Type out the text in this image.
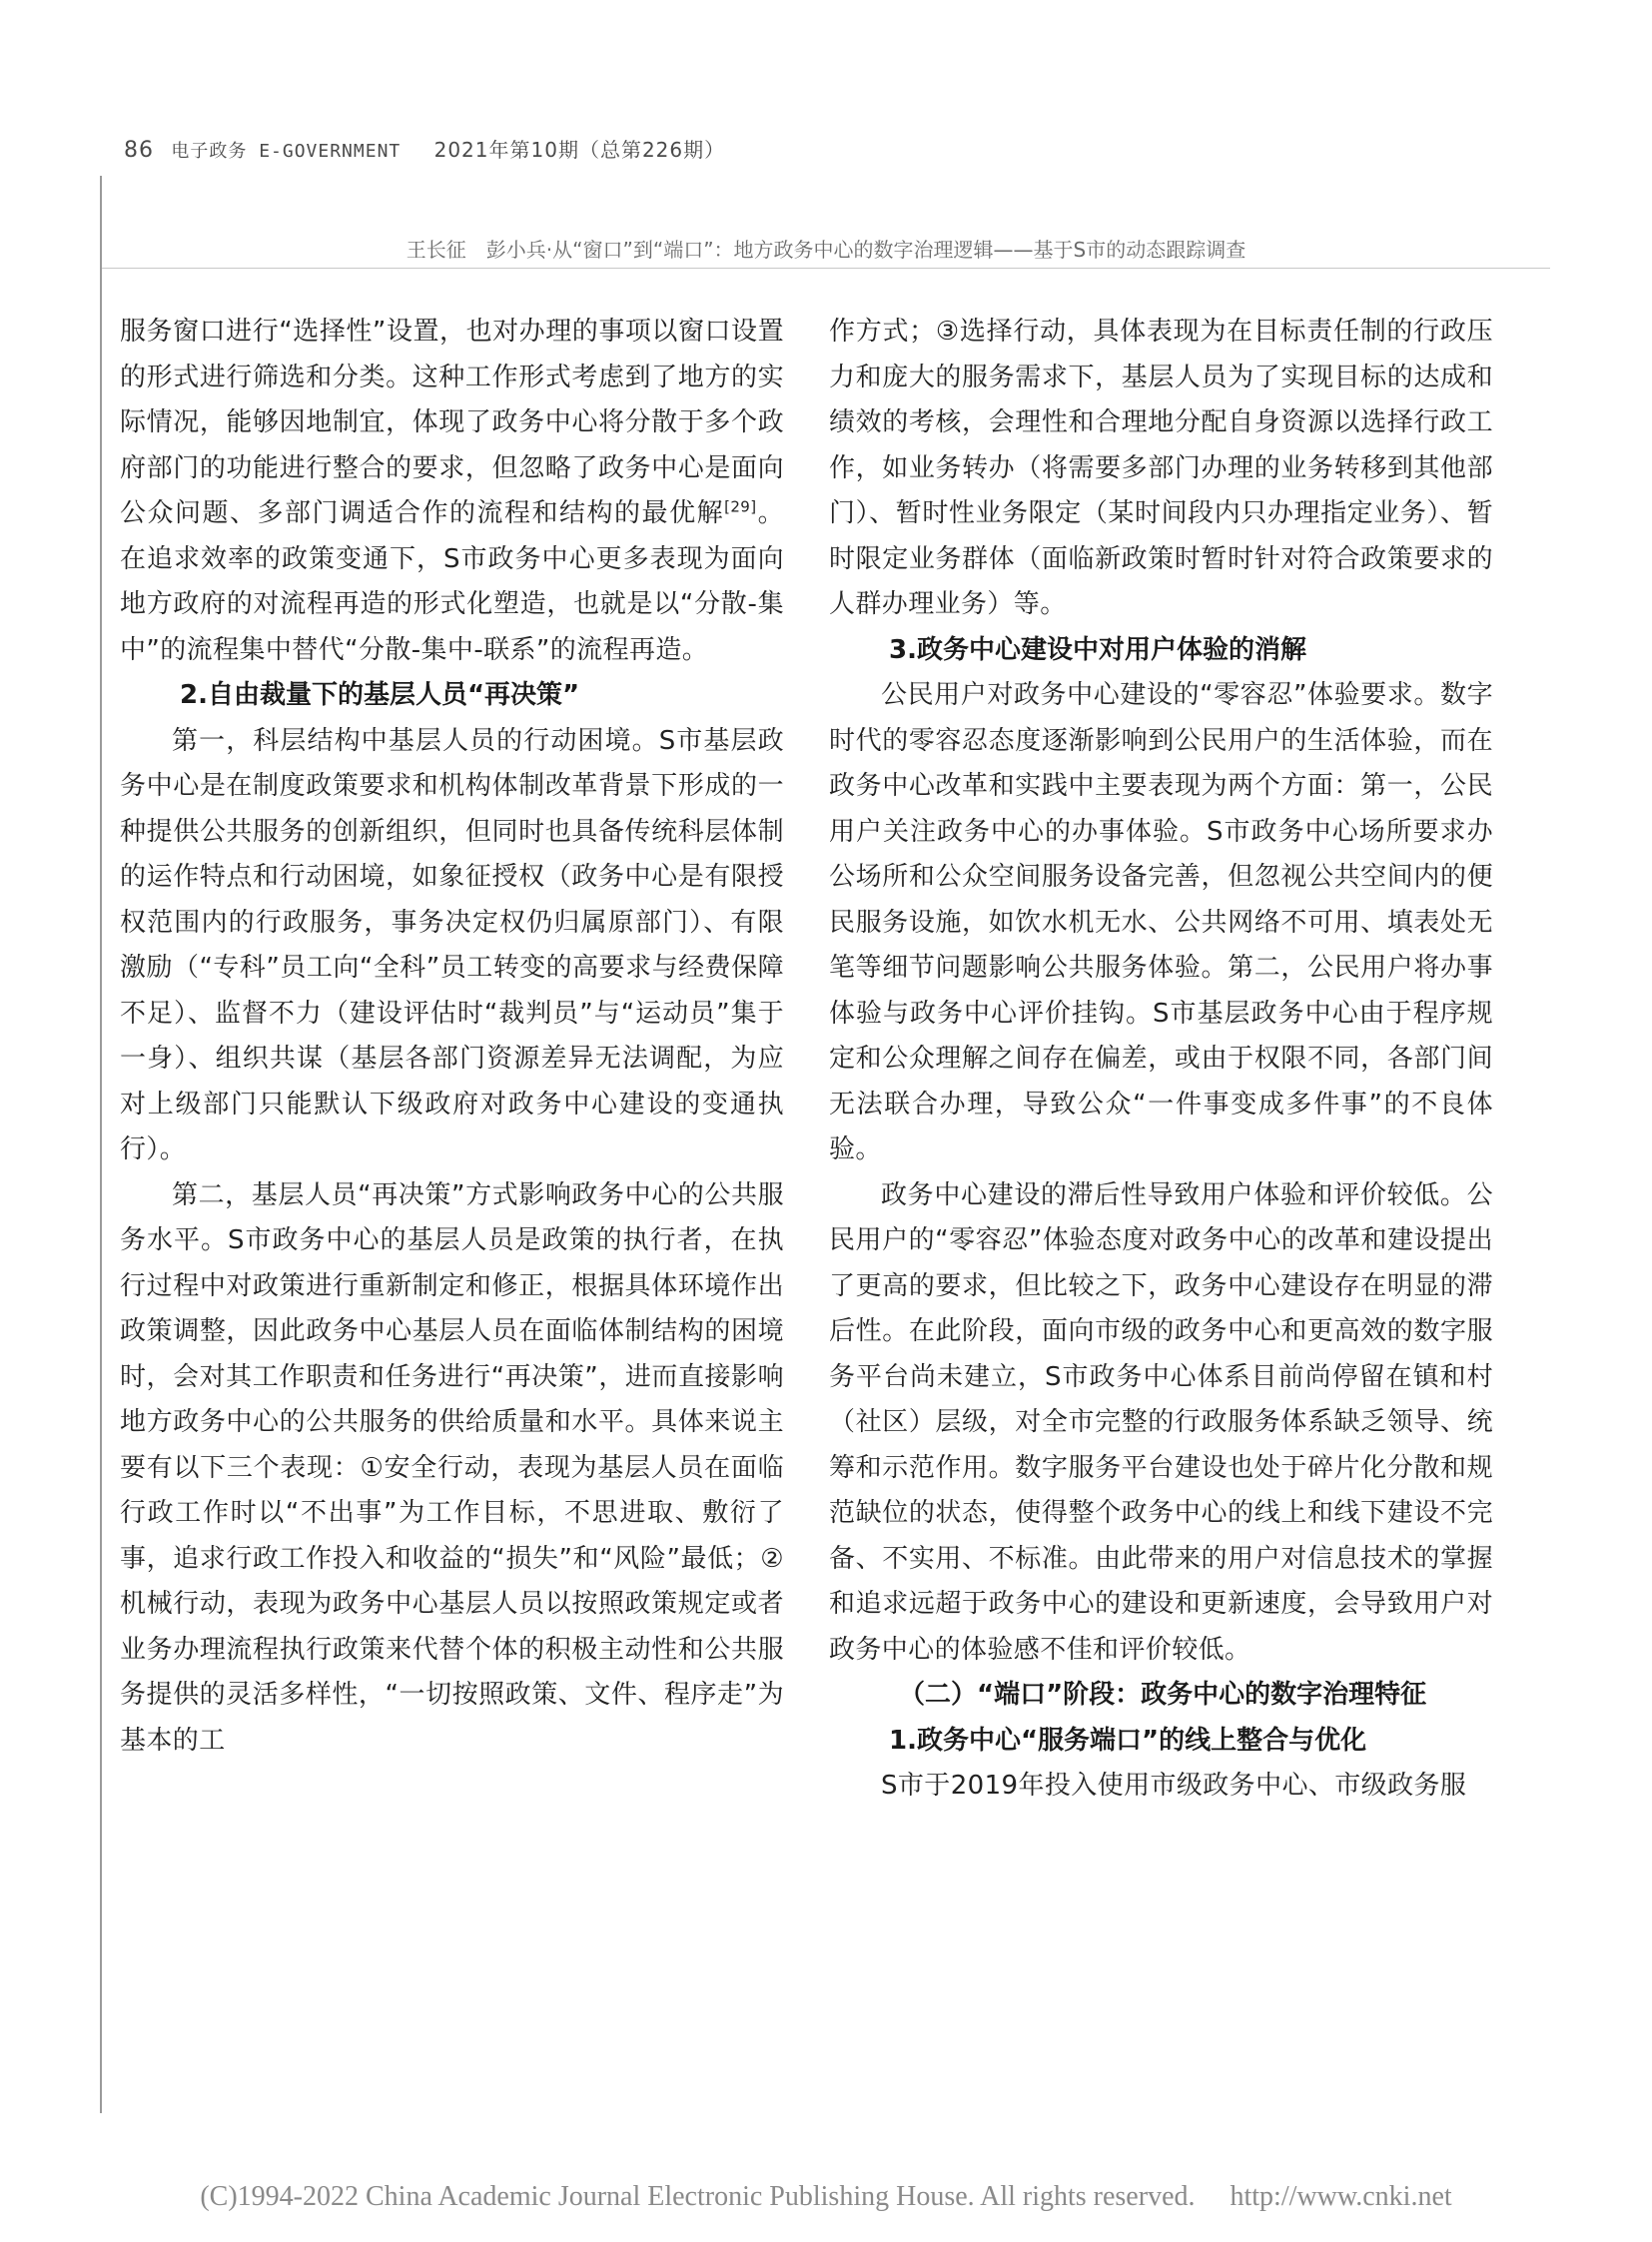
86 电子政务 E-GOVERNMENT 2021年第10期（总第226期）
王长征　彭小兵·从“窗口”到“端口”：地方政务中心的数字治理逻辑——基于S市的动态跟踪调查

服务窗口进行“选择性”设置，也对办理的事项以窗口设置的形式进行筛选和分类。这种工作形式考虑到了地方的实际情况，能够因地制宜，体现了政务中心将分散于多个政府部门的功能进行整合的要求，但忽略了政务中心是面向公众问题、多部门调适合作的流程和结构的最优解[29]。在追求效率的政策变通下，S市政务中心更多表现为面向地方政府的对流程再造的形式化塑造，也就是以“分散-集中”的流程集中替代“分散-集中-联系”的流程再造。

2.自由裁量下的基层人员“再决策”

第一，科层结构中基层人员的行动困境。S市基层政务中心是在制度政策要求和机构体制改革背景下形成的一种提供公共服务的创新组织，但同时也具备传统科层体制的运作特点和行动困境，如象征授权（政务中心是有限授权范围内的行政服务，事务决定权仍归属原部门）、有限激励（“专科”员工向“全科”员工转变的高要求与经费保障不足）、监督不力（建设评估时“裁判员”与“运动员”集于一身）、组织共谋（基层各部门资源差异无法调配，为应对上级部门只能默认下级政府对政务中心建设的变通执行）。

第二，基层人员“再决策”方式影响政务中心的公共服务水平。S市政务中心的基层人员是政策的执行者，在执行过程中对政策进行重新制定和修正，根据具体环境作出政策调整，因此政务中心基层人员在面临体制结构的困境时，会对其工作职责和任务进行“再决策”，进而直接影响地方政务中心的公共服务的供给质量和水平。具体来说主要有以下三个表现：①安全行动，表现为基层人员在面临行政工作时以“不出事”为工作目标，不思进取、敷衍了事，追求行政工作投入和收益的“损失”和“风险”最低；②机械行动，表现为政务中心基层人员以按照政策规定或者业务办理流程执行政策来代替个体的积极主动性和公共服务提供的灵活多样性，“一切按照政策、文件、程序走”为基本的工

作方式；③选择行动，具体表现为在目标责任制的行政压力和庞大的服务需求下，基层人员为了实现目标的达成和绩效的考核，会理性和合理地分配自身资源以选择行政工作，如业务转办（将需要多部门办理的业务转移到其他部门）、暂时性业务限定（某时间段内只办理指定业务）、暂时限定业务群体（面临新政策时暂时针对符合政策要求的人群办理业务）等。

3.政务中心建设中对用户体验的消解

公民用户对政务中心建设的“零容忍”体验要求。数字时代的零容忍态度逐渐影响到公民用户的生活体验，而在政务中心改革和实践中主要表现为两个方面：第一，公民用户关注政务中心的办事体验。S市政务中心场所要求办公场所和公众空间服务设备完善，但忽视公共空间内的便民服务设施，如饮水机无水、公共网络不可用、填表处无笔等细节问题影响公共服务体验。第二，公民用户将办事体验与政务中心评价挂钩。S市基层政务中心由于程序规定和公众理解之间存在偏差，或由于权限不同，各部门间无法联合办理，导致公众“一件事变成多件事”的不良体验。

政务中心建设的滞后性导致用户体验和评价较低。公民用户的“零容忍”体验态度对政务中心的改革和建设提出了更高的要求，但比较之下，政务中心建设存在明显的滞后性。在此阶段，面向市级的政务中心和更高效的数字服务平台尚未建立，S市政务中心体系目前尚停留在镇和村（社区）层级，对全市完整的行政服务体系缺乏领导、统筹和示范作用。数字服务平台建设也处于碎片化分散和规范缺位的状态，使得整个政务中心的线上和线下建设不完备、不实用、不标准。由此带来的用户对信息技术的掌握和追求远超于政务中心的建设和更新速度，会导致用户对政务中心的体验感不佳和评价较低。

（二）“端口”阶段：政务中心的数字治理特征
1.政务中心“服务端口”的线上整合与优化

S市于2019年投入使用市级政务中心、市级政务服

(C)1994-2022 China Academic Journal Electronic Publishing House. All rights reserved. http://www.cnki.net
